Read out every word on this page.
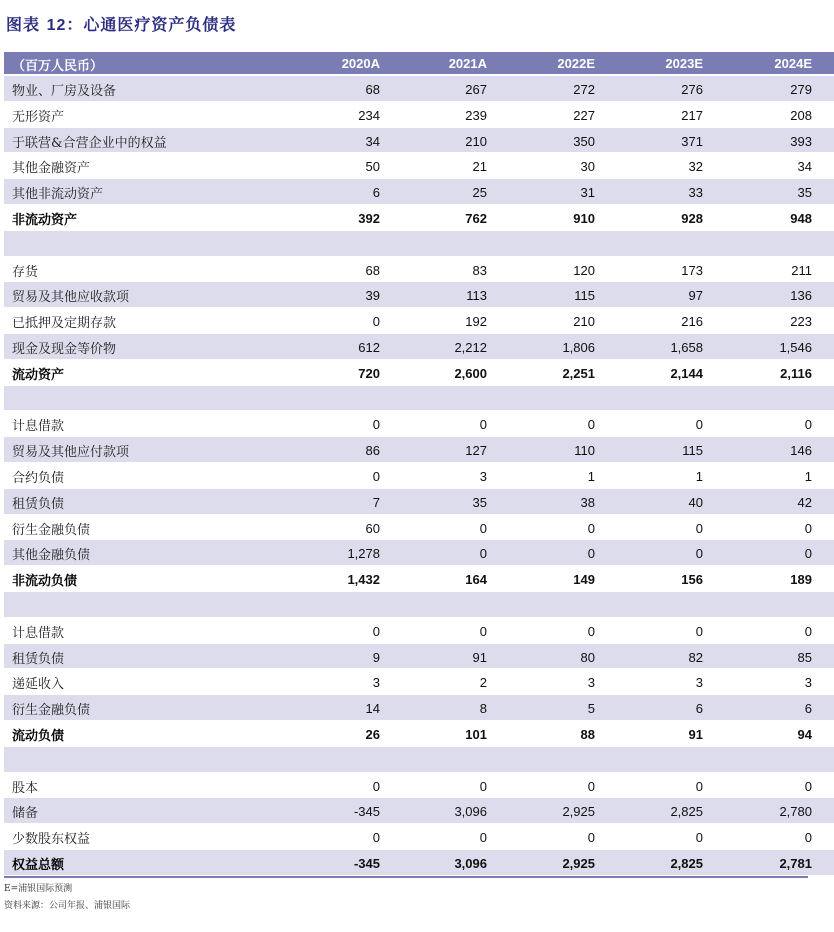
图表 12：心通医疗资产负债表
（百万人民币）	2020A	2021A	2022E	2023E	2024E
物业、厂房及设备	68	267	272	276	279
无形资产	234	239	227	217	208
于联营&合营企业中的权益	34	210	350	371	393
其他金融资产	50	21	30	32	34
其他非流动资产	6	25	31	33	35
非流动资产	392	762	910	928	948
存货	68	83	120	173	211
贸易及其他应收款项	39	113	115	97	136
已抵押及定期存款	0	192	210	216	223
现金及现金等价物	612	2,212	1,806	1,658	1,546
流动资产	720	2,600	2,251	2,144	2,116
计息借款	0	0	0	0	0
贸易及其他应付款项	86	127	110	115	146
合约负债	0	3	1	1	1
租赁负债	7	35	38	40	42
衍生金融负债	60	0	0	0	0
其他金融负债	1,278	0	0	0	0
非流动负债	1,432	164	149	156	189
计息借款	0	0	0	0	0
租赁负债	9	91	80	82	85
递延收入	3	2	3	3	3
衍生金融负债	14	8	5	6	6
流动负债	26	101	88	91	94
股本	0	0	0	0	0
储备	-345	3,096	2,925	2,825	2,780
少数股东权益	0	0	0	0	0
权益总额	-345	3,096	2,925	2,825	2,781
E=浦银国际预测
资料来源：公司年报、浦银国际
